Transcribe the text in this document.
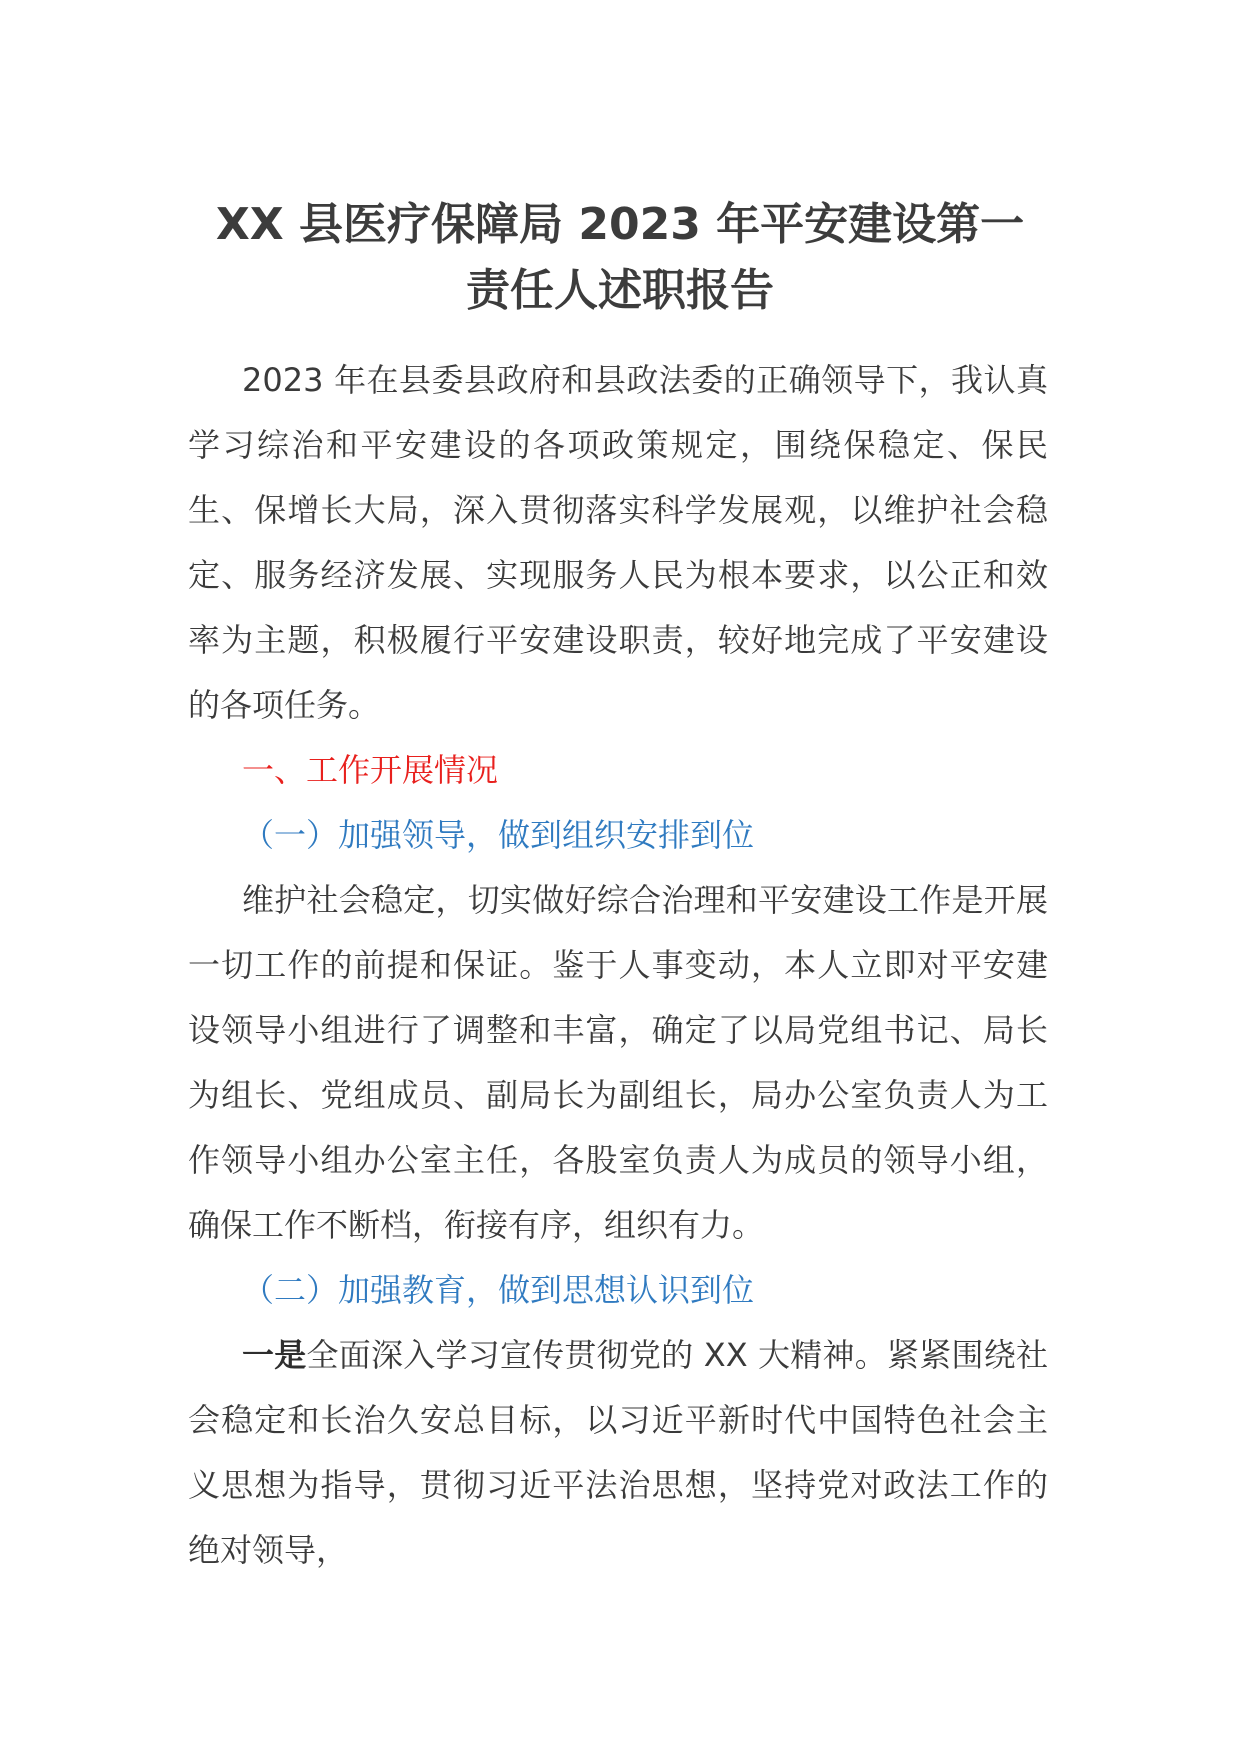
XX 县医疗保障局 2023 年平安建设第一
责任人述职报告

2023 年在县委县政府和县政法委的正确领导下，我认真学习综治和平安建设的各项政策规定，围绕保稳定、保民生、保增长大局，深入贯彻落实科学发展观，以维护社会稳定、服务经济发展、实现服务人民为根本要求，以公正和效率为主题，积极履行平安建设职责，较好地完成了平安建设的各项任务。

一、工作开展情况

（一）加强领导，做到组织安排到位

维护社会稳定，切实做好综合治理和平安建设工作是开展一切工作的前提和保证。鉴于人事变动，本人立即对平安建设领导小组进行了调整和丰富，确定了以局党组书记、局长为组长、党组成员、副局长为副组长，局办公室负责人为工作领导小组办公室主任，各股室负责人为成员的领导小组，确保工作不断档，衔接有序，组织有力。

（二）加强教育，做到思想认识到位

一是全面深入学习宣传贯彻党的 XX 大精神。紧紧围绕社会稳定和长治久安总目标，以习近平新时代中国特色社会主义思想为指导，贯彻习近平法治思想，坚持党对政法工作的绝对领导，
